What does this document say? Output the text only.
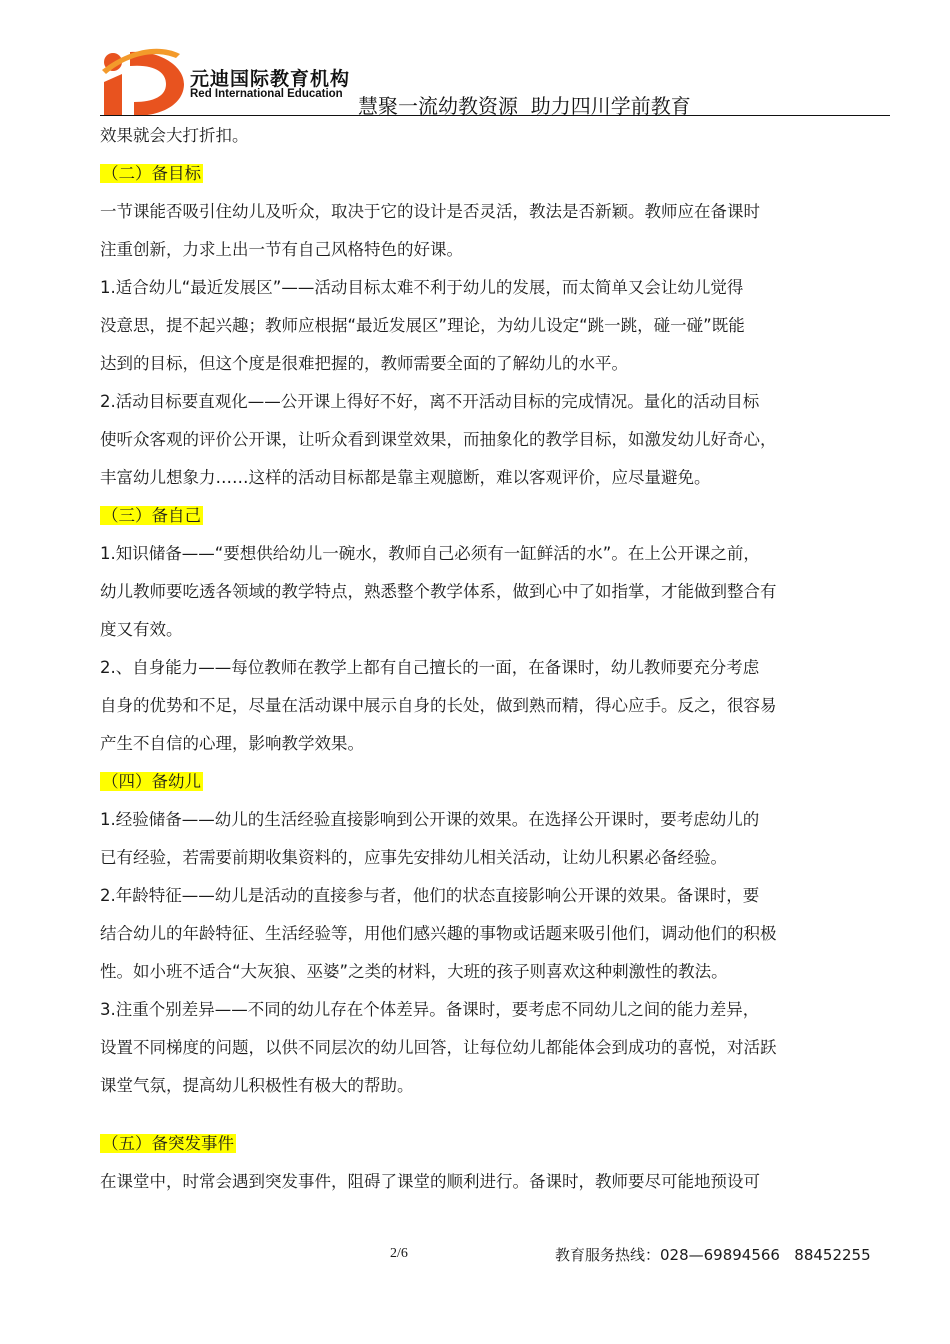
元迪国际教育机构
Red International Education 慧聚一流幼教资源  助力四川学前教育
效果就会大打折扣。
（二）备目标
一节课能否吸引住幼儿及听众，取决于它的设计是否灵活，教法是否新颖。教师应在备课时
注重创新，力求上出一节有自己风格特色的好课。
1.适合幼儿“最近发展区”——活动目标太难不利于幼儿的发展，而太简单又会让幼儿觉得
没意思，提不起兴趣；教师应根据“最近发展区”理论，为幼儿设定“跳一跳，碰一碰”既能
达到的目标，但这个度是很难把握的，教师需要全面的了解幼儿的水平。
2.活动目标要直观化——公开课上得好不好，离不开活动目标的完成情况。量化的活动目标
使听众客观的评价公开课，让听众看到课堂效果，而抽象化的教学目标，如激发幼儿好奇心，
丰富幼儿想象力……这样的活动目标都是靠主观臆断，难以客观评价，应尽量避免。
（三）备自己
1.知识储备——“要想供给幼儿一碗水，教师自己必须有一缸鲜活的水”。在上公开课之前，
幼儿教师要吃透各领域的教学特点，熟悉整个教学体系，做到心中了如指掌，才能做到整合有
度又有效。
2.、自身能力——每位教师在教学上都有自己擅长的一面，在备课时，幼儿教师要充分考虑
自身的优势和不足，尽量在活动课中展示自身的长处，做到熟而精，得心应手。反之，很容易
产生不自信的心理，影响教学效果。
（四）备幼儿
1.经验储备——幼儿的生活经验直接影响到公开课的效果。在选择公开课时，要考虑幼儿的
已有经验，若需要前期收集资料的，应事先安排幼儿相关活动，让幼儿积累必备经验。
2.年龄特征——幼儿是活动的直接参与者，他们的状态直接影响公开课的效果。备课时，要
结合幼儿的年龄特征、生活经验等，用他们感兴趣的事物或话题来吸引他们，调动他们的积极
性。如小班不适合“大灰狼、巫婆”之类的材料，大班的孩子则喜欢这种刺激性的教法。
3.注重个别差异——不同的幼儿存在个体差异。备课时，要考虑不同幼儿之间的能力差异，
设置不同梯度的问题，以供不同层次的幼儿回答，让每位幼儿都能体会到成功的喜悦，对活跃
课堂气氛，提高幼儿积极性有极大的帮助。
（五）备突发事件
在课堂中，时常会遇到突发事件，阻碍了课堂的顺利进行。备课时，教师要尽可能地预设可
2/6	教育服务热线：028—69894566   88452255
